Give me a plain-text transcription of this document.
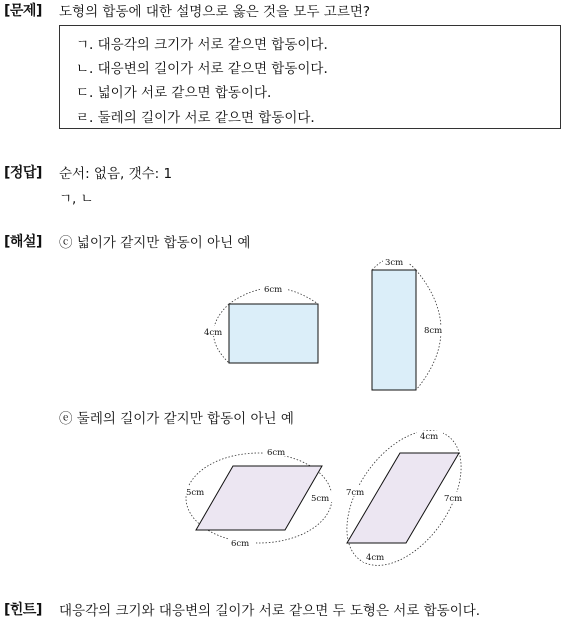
[문제] 도형의 합동에 대한 설명으로 옳은 것을 모두 고르면?
ㄱ. 대응각의 크기가 서로 같으면 합동이다.
ㄴ. 대응변의 길이가 서로 같으면 합동이다.
ㄷ. 넓이가 서로 같으면 합동이다.
ㄹ. 둘레의 길이가 서로 같으면 합동이다.
[정답] 순서: 없음, 갯수: 1
ㄱ, ㄴ
[해설] ⓒ 넓이가 같지만 합동이 아닌 예
6cm
4cm
3cm
8cm
6cm
6cm
5cm
5cm
4cm
4cm
7cm
7cm
ⓔ 둘레의 길이가 같지만 합동이 아닌 예
[힌트] 대응각의 크기와 대응변의 길이가 서로 같으면 두 도형은 서로 합동이다.
